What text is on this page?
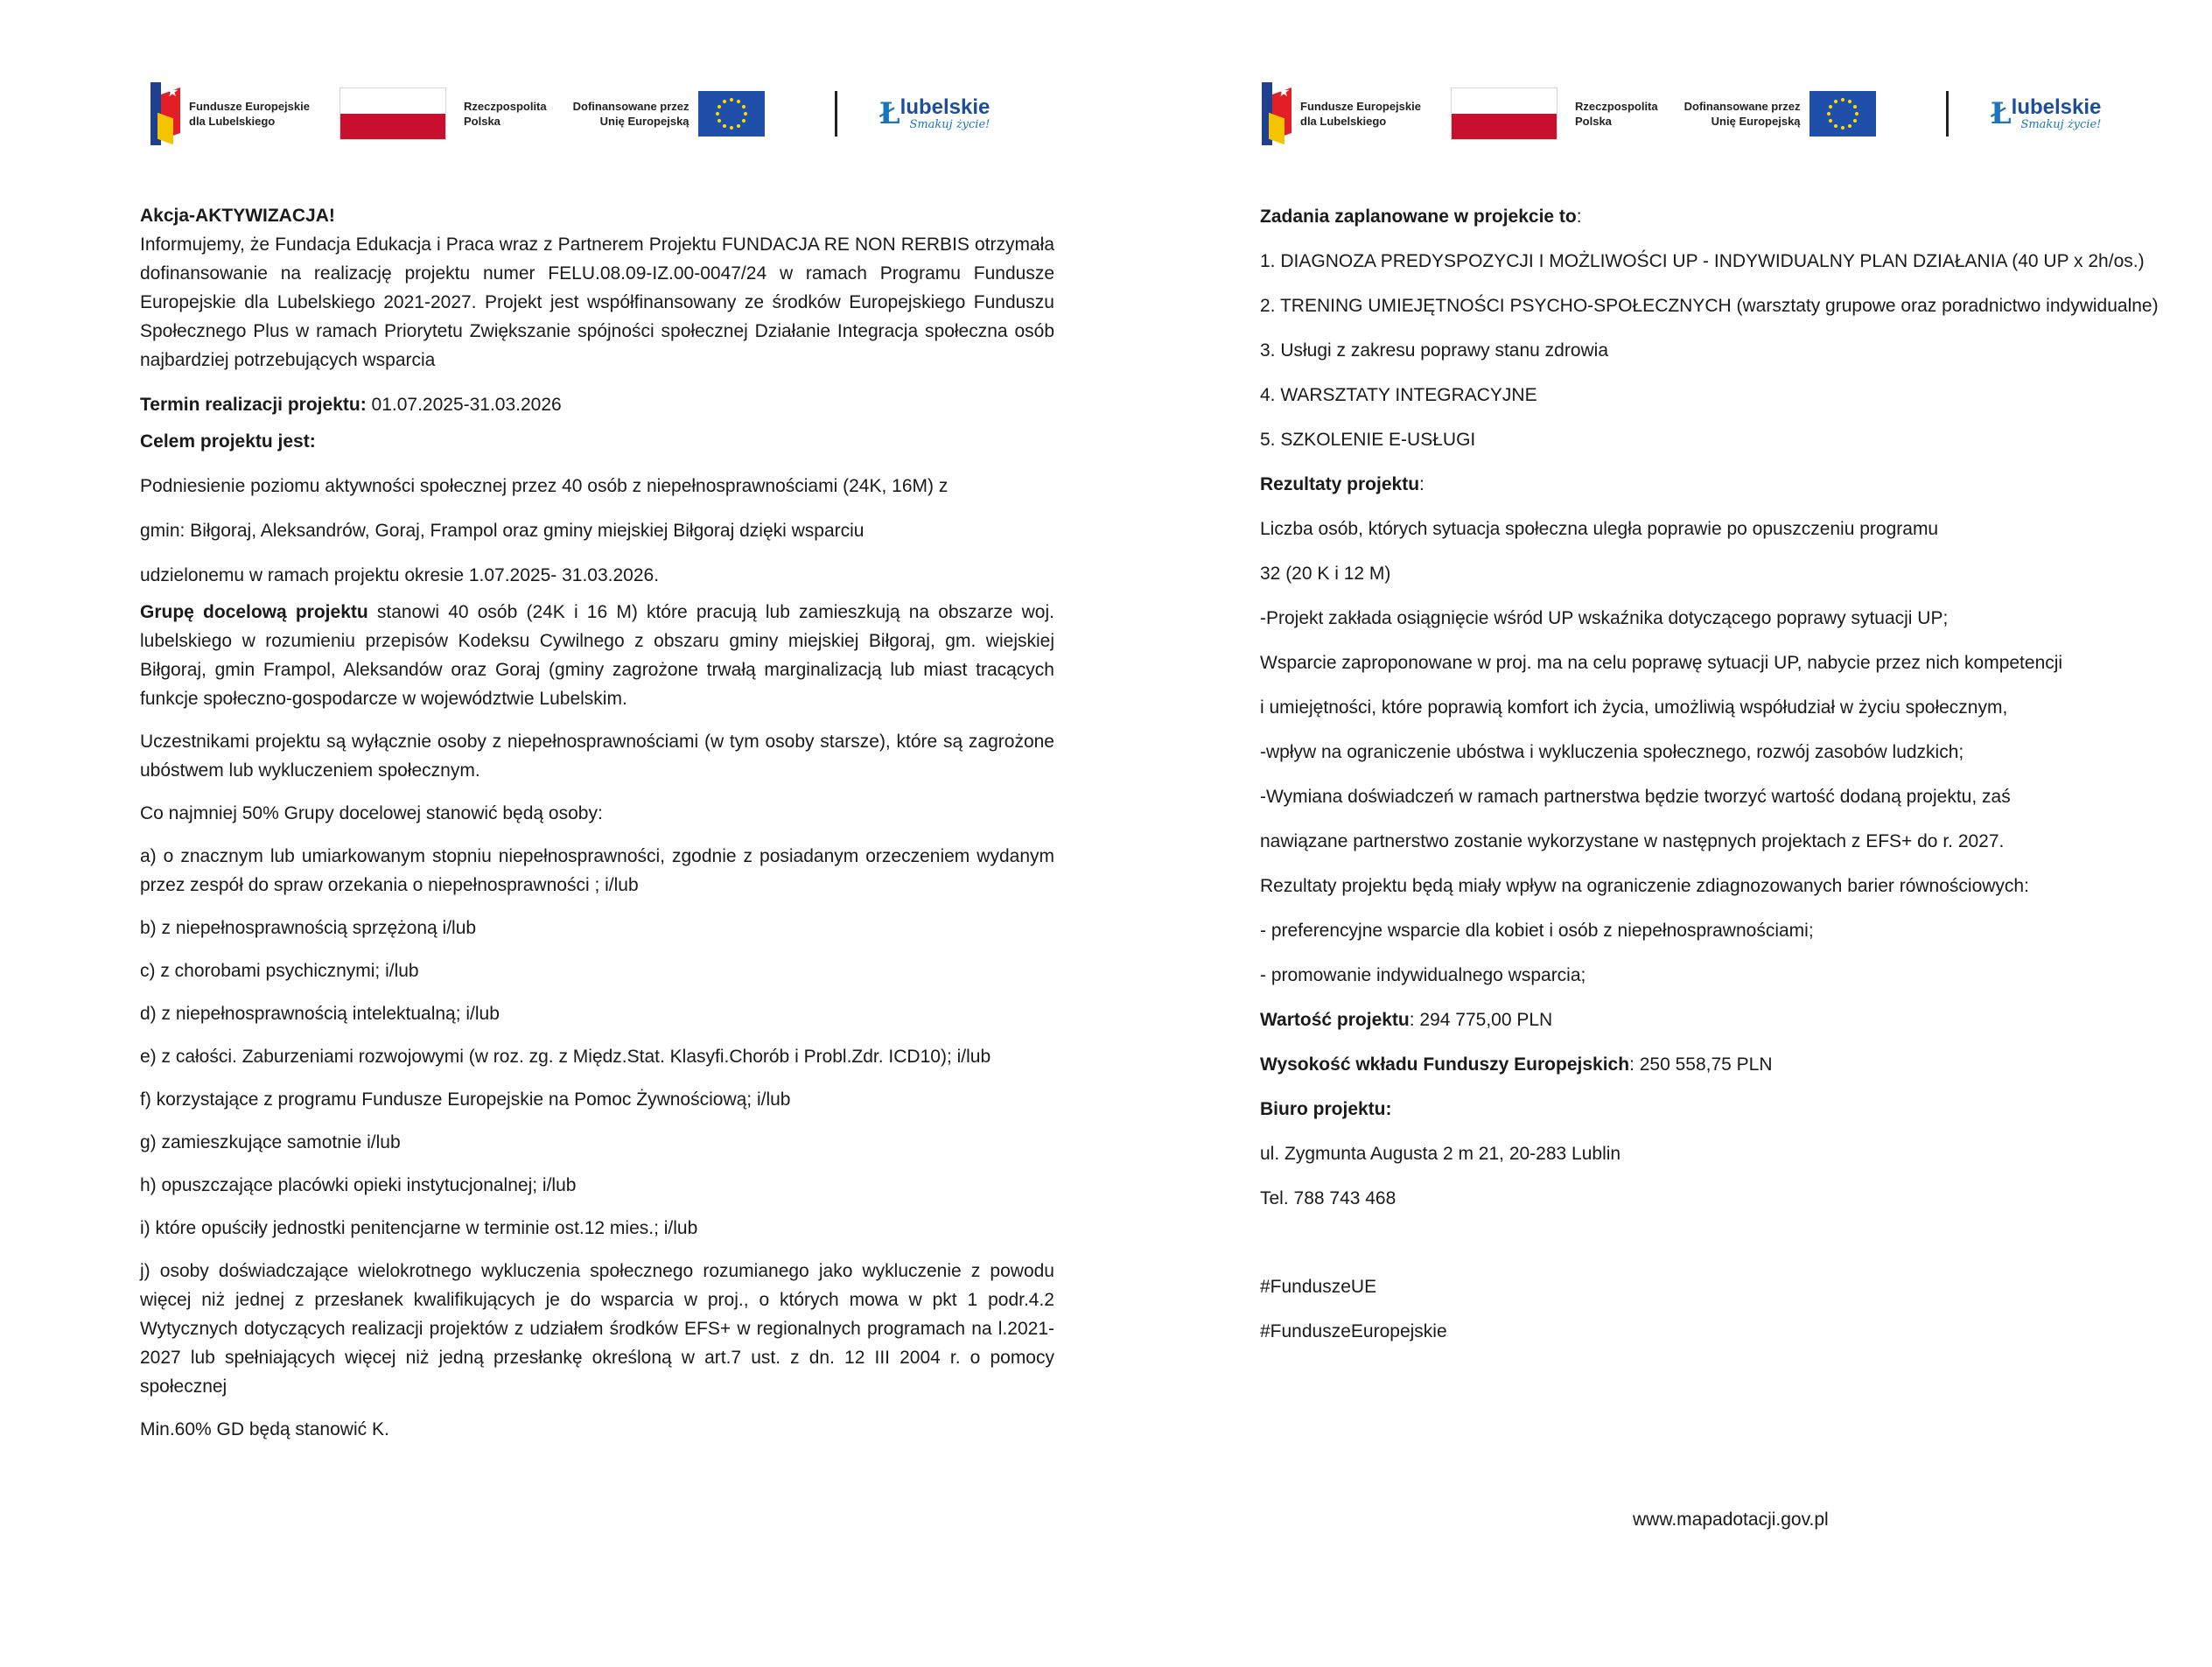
★
Fundusze Europejskie
dla Lubelskiego
Rzeczpospolita
Polska
Dofinansowane przez
Unię Europejską	Ł lubelskie
Smakuj życie!

Akcja-AKTYWIZACJA!

Informujemy, że Fundacja Edukacja i Praca wraz z Partnerem Projektu FUNDACJA RE NON RERBIS otrzymała dofinansowanie na realizację projektu numer FELU.08.09-IZ.00-0047/24 w ramach Programu Fundusze Europejskie dla Lubelskiego 2021-2027. Projekt jest współfinansowany ze środków Europejskiego Funduszu Społecznego Plus w ramach Priorytetu Zwiększanie spójności społecznej Działanie Integracja społeczna osób najbardziej potrzebujących wsparcia

Termin realizacji projektu: 01.07.2025-31.03.2026

Celem projektu jest:

Podniesienie poziomu aktywności społecznej przez 40 osób z niepełnosprawnościami (24K, 16M) z

gmin: Biłgoraj, Aleksandrów, Goraj, Frampol oraz gminy miejskiej Biłgoraj dzięki wsparciu

udzielonemu w ramach projektu okresie 1.07.2025- 31.03.2026.

Grupę docelową projektu stanowi 40 osób (24K i 16 M) które pracują lub zamieszkują na obszarze woj. lubelskiego w rozumieniu przepisów Kodeksu Cywilnego z obszaru gminy miejskiej Biłgoraj, gm. wiejskiej Biłgoraj, gmin Frampol, Aleksandów oraz Goraj (gminy zagrożone trwałą marginalizacją lub miast tracących funkcje społeczno-gospodarcze w województwie Lubelskim.

Uczestnikami projektu są wyłącznie osoby z niepełnosprawnościami (w tym osoby starsze), które są zagrożone ubóstwem lub wykluczeniem społecznym.

Co najmniej 50% Grupy docelowej stanowić będą osoby:

a) o znacznym lub umiarkowanym stopniu niepełnosprawności, zgodnie z posiadanym orzeczeniem wydanym przez zespół do spraw orzekania o niepełnosprawności ; i/lub

b) z niepełnosprawnością sprzężoną i/lub

c) z chorobami psychicznymi; i/lub

d) z niepełnosprawnością intelektualną; i/lub

e) z całości. Zaburzeniami rozwojowymi (w roz. zg. z Międz.Stat. Klasyfi.Chorób i Probl.Zdr. ICD10); i/lub

f) korzystające z programu Fundusze Europejskie na Pomoc Żywnościową; i/lub

g) zamieszkujące samotnie i/lub

h) opuszczające placówki opieki instytucjonalnej; i/lub

i) które opuściły jednostki penitencjarne w terminie ost.12 mies.; i/lub

j) osoby doświadczające wielokrotnego wykluczenia społecznego rozumianego jako wykluczenie z powodu więcej niż jednej z przesłanek kwalifikujących je do wsparcia w proj., o których mowa w pkt 1 podr.4.2 Wytycznych dotyczących realizacji projektów z udziałem środków EFS+ w regionalnych programach na l.2021- 2027 lub spełniających więcej niż jedną przesłankę określoną w art.7 ust. z dn. 12 III 2004 r. o pomocy społecznej

Min.60% GD będą stanowić K.

★
Fundusze Europejskie
dla Lubelskiego
Rzeczpospolita
Polska
Dofinansowane przez
Unię Europejską	Ł lubelskie
Smakuj życie!

Zadania zaplanowane w projekcie to:

1. DIAGNOZA PREDYSPOZYCJI I MOŻLIWOŚCI UP - INDYWIDUALNY PLAN DZIAŁANIA (40 UP x 2h/os.)

2. TRENING UMIEJĘTNOŚCI PSYCHO-SPOŁECZNYCH (warsztaty grupowe oraz poradnictwo indywidualne)

3. Usługi z zakresu poprawy stanu zdrowia

4. WARSZTATY INTEGRACYJNE

5. SZKOLENIE E-USŁUGI

Rezultaty projektu:

Liczba osób, których sytuacja społeczna uległa poprawie po opuszczeniu programu

32 (20 K i 12 M)

-Projekt zakłada osiągnięcie wśród UP wskaźnika dotyczącego poprawy sytuacji UP;

Wsparcie zaproponowane w proj. ma na celu poprawę sytuacji UP, nabycie przez nich kompetencji

i umiejętności, które poprawią komfort ich życia, umożliwią współudział w życiu społecznym,

-wpływ na ograniczenie ubóstwa i wykluczenia społecznego, rozwój zasobów ludzkich;

-Wymiana doświadczeń w ramach partnerstwa będzie tworzyć wartość dodaną projektu, zaś

nawiązane partnerstwo zostanie wykorzystane w następnych projektach z EFS+ do r. 2027.

Rezultaty projektu będą miały wpływ na ograniczenie zdiagnozowanych barier równościowych:

- preferencyjne wsparcie dla kobiet i osób z niepełnosprawnościami;

- promowanie indywidualnego wsparcia;

Wartość projektu: 294 775,00 PLN

Wysokość wkładu Funduszy Europejskich: 250 558,75 PLN

Biuro projektu:

ul. Zygmunta Augusta 2 m 21, 20-283 Lublin

Tel. 788 743 468

#FunduszeUE

#FunduszeEuropejskie

www.mapadotacji.gov.pl
